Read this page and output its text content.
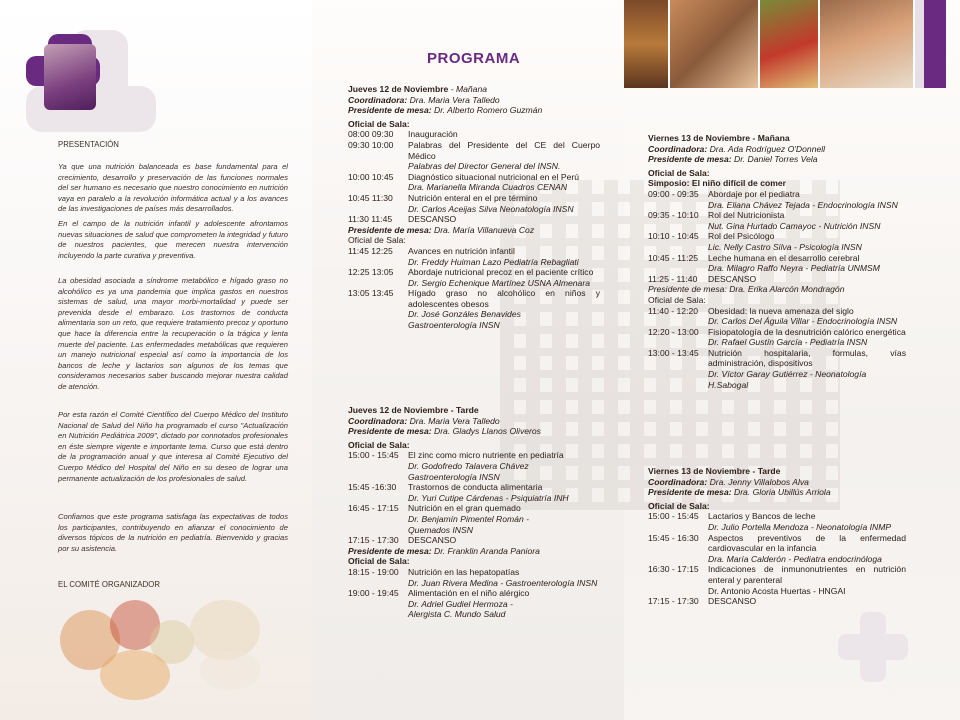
PRESENTACIÓN

Ya que una nutrición balanceada es base fundamental para el crecimiento, desarrollo y preservación de las funciones normales del ser humano es necesario que nuestro conocimiento en nutrición vaya en paralelo a la revolución informática actual y a los avances de las investigaciones de países más desarrollados.

En el campo de la nutrición infantil y adolescente afrontamos nuevas situaciones de salud que comprometen la integridad y futuro de nuestros pacientes, que merecen nuestra intervención incluyendo la parte curativa y preventiva.

La obesidad asociada a síndrome metabólico e hígado graso no alcohólico es ya una pandemia que implica gastos en nuestros sistemas de salud, una mayor morbi-mortalidad y puede ser prevenida desde el embarazo. Los trastornos de conducta alimentaria son un reto, que requiere tratamiento precoz y oportuno que hace la diferencia entre la recuperación o la trágica y lenta muerte del paciente. Las enfermedades metabólicas que requieren un manejo nutricional especial así como la importancia de los bancos de leche y lactarios son algunos de los temas que consideramos necesarios saber buscando mejorar nuestra calidad de atención.

Por esta razón el Comité Científico del Cuerpo Médico del Instituto Nacional de Salud del Niño ha programado el curso "Actualización en Nutrición Pediátrica 2009", dictado por connotados profesionales en éste siempre vigente e importante tema. Curso que está dentro de la programación anual y que interesa al Comité Ejecutivo del Cuerpo Médico del Hospital del Niño en su deseo de lograr una permanente actualización de los profesionales de salud.

Confiamos que este programa satisfaga las expectativas de todos los participantes, contribuyendo en afianzar el conocimiento de diversos tópicos de la nutrición en pediatría. Bienvenido y gracias por su asistencia.

EL COMITÉ ORGANIZADOR
PROGRAMA
Jueves 12 de Noviembre - Mañana
Coordinadora: Dra. Maria Vera Talledo
Presidente de mesa: Dr. Alberto Romero Guzmán
Oficial de Sala:
08:00 09:30	Inauguración
09:30 10:00	Palabras del Presidente del CE del Cuerpo Médico
Palabras del Director General del INSN.
10:00 10:45	Diagnóstico situacional nutricional en el Perú
Dra. Marianella Miranda Cuadros CENAN
10:45 11:30	Nutrición enteral en el pre término
Dr. Carlos Aceijas Silva Neonatología INSN
11:30 11:45	DESCANSO
Presidente de mesa: Dra. María Villanueva Coz
Oficial de Sala:
11:45 12:25	Avances en nutrición infantil
Dr. Freddy Huiman Lazo Pediatría Rebagliati
12:25 13:05	Abordaje nutricional precoz en el paciente crítico
Dr. Sergio Echenique Martínez USNA Almenara
13:05 13:45	Hígado graso no alcohólico en niños y adolescentes obesos
Dr. José Gonzáles Benavides
Gastroenterología INSN
Jueves 12 de Noviembre - Tarde
Coordinadora: Dra. Maria Vera Talledo
Presidente de mesa: Dra. Gladys Llanos Oliveros
Oficial de Sala:
15:00 - 15:45	El zinc como micro nutriente en pediatría
Dr. Godofredo Talavera Chávez
Gastroenterología INSN
15:45 -16:30	Trastornos de conducta alimentaria
Dr. Yuri Cutipe Cárdenas - Psiquiatría INH
16:45 - 17:15	Nutrición en el gran quemado
Dr. Benjamín Pimentel Román -
Quemados INSN
17:15 - 17:30	DESCANSO
Presidente de mesa: Dr. Franklin Aranda Paniora
Oficial de Sala:
18:15 - 19:00	Nutrición en las hepatopatías
Dr. Juan Rivera Medina - Gastroenterología INSN
19:00 - 19:45	Alimentación en el niño alérgico
Dr. Adriel Gudiel Hermoza -
Alergista C. Mundo Salud
Viernes 13 de Noviembre - Mañana
Coordinadora: Dra. Ada Rodríguez O'Donnell
Presidente de mesa: Dr. Daniel Torres Vela
Oficial de Sala:
Simposio: El niño difícil de comer
09:00 - 09:35	Abordaje por el pediatra
Dra. Eliana Chávez Tejada - Endocrinología INSN
09:35 - 10:10	Rol del Nutricionista
Nut. Gina Hurtado Camayoc - Nutrición INSN
10:10 - 10:45	Rol del Psicólogo
Lic. Nelly Castro Silva - Psicología INSN
10:45 - 11:25	Leche humana en el desarrollo cerebral
Dra. Milagro Raffo Neyra - Pediatría UNMSM
11:25 - 11:40	DESCANSO
Presidente de mesa: Dra. Erika Alarcón Mondragón
Oficial de Sala:
11:40 - 12:20	Obesidad: la nueva amenaza del siglo
Dr. Carlos Del Águila Villar - Endocrinología INSN
12:20 - 13:00	Fisiopatología de la desnutrición calórico energética
Dr. Rafael Gustín García - Pediatría INSN
13:00 - 13:45	Nutrición hospitalaria, formulas, vías administración, dispositivos
Dr. Víctor Garay Gutiérrez - Neonatología
H.Sabogal
Viernes 13 de Noviembre - Tarde
Coordinadora: Dra. Jenny Villalobos Alva
Presidente de mesa: Dra. Gloria Ubillús Arriola
Oficial de Sala:
15:00 - 15:45	Lactarios y Bancos de leche
Dr. Julio Portella Mendoza - Neonatología INMP
15:45 - 16:30	Aspectos preventivos de la enfermedad cardiovascular en la infancia
Dra. María Calderón - Pediatra endocrinóloga
16:30 - 17:15	Indicaciones de inmunonutrientes en nutrición enteral y parenteral
Dr. Antonio Acosta Huertas - HNGAI
17:15 - 17:30	DESCANSO
